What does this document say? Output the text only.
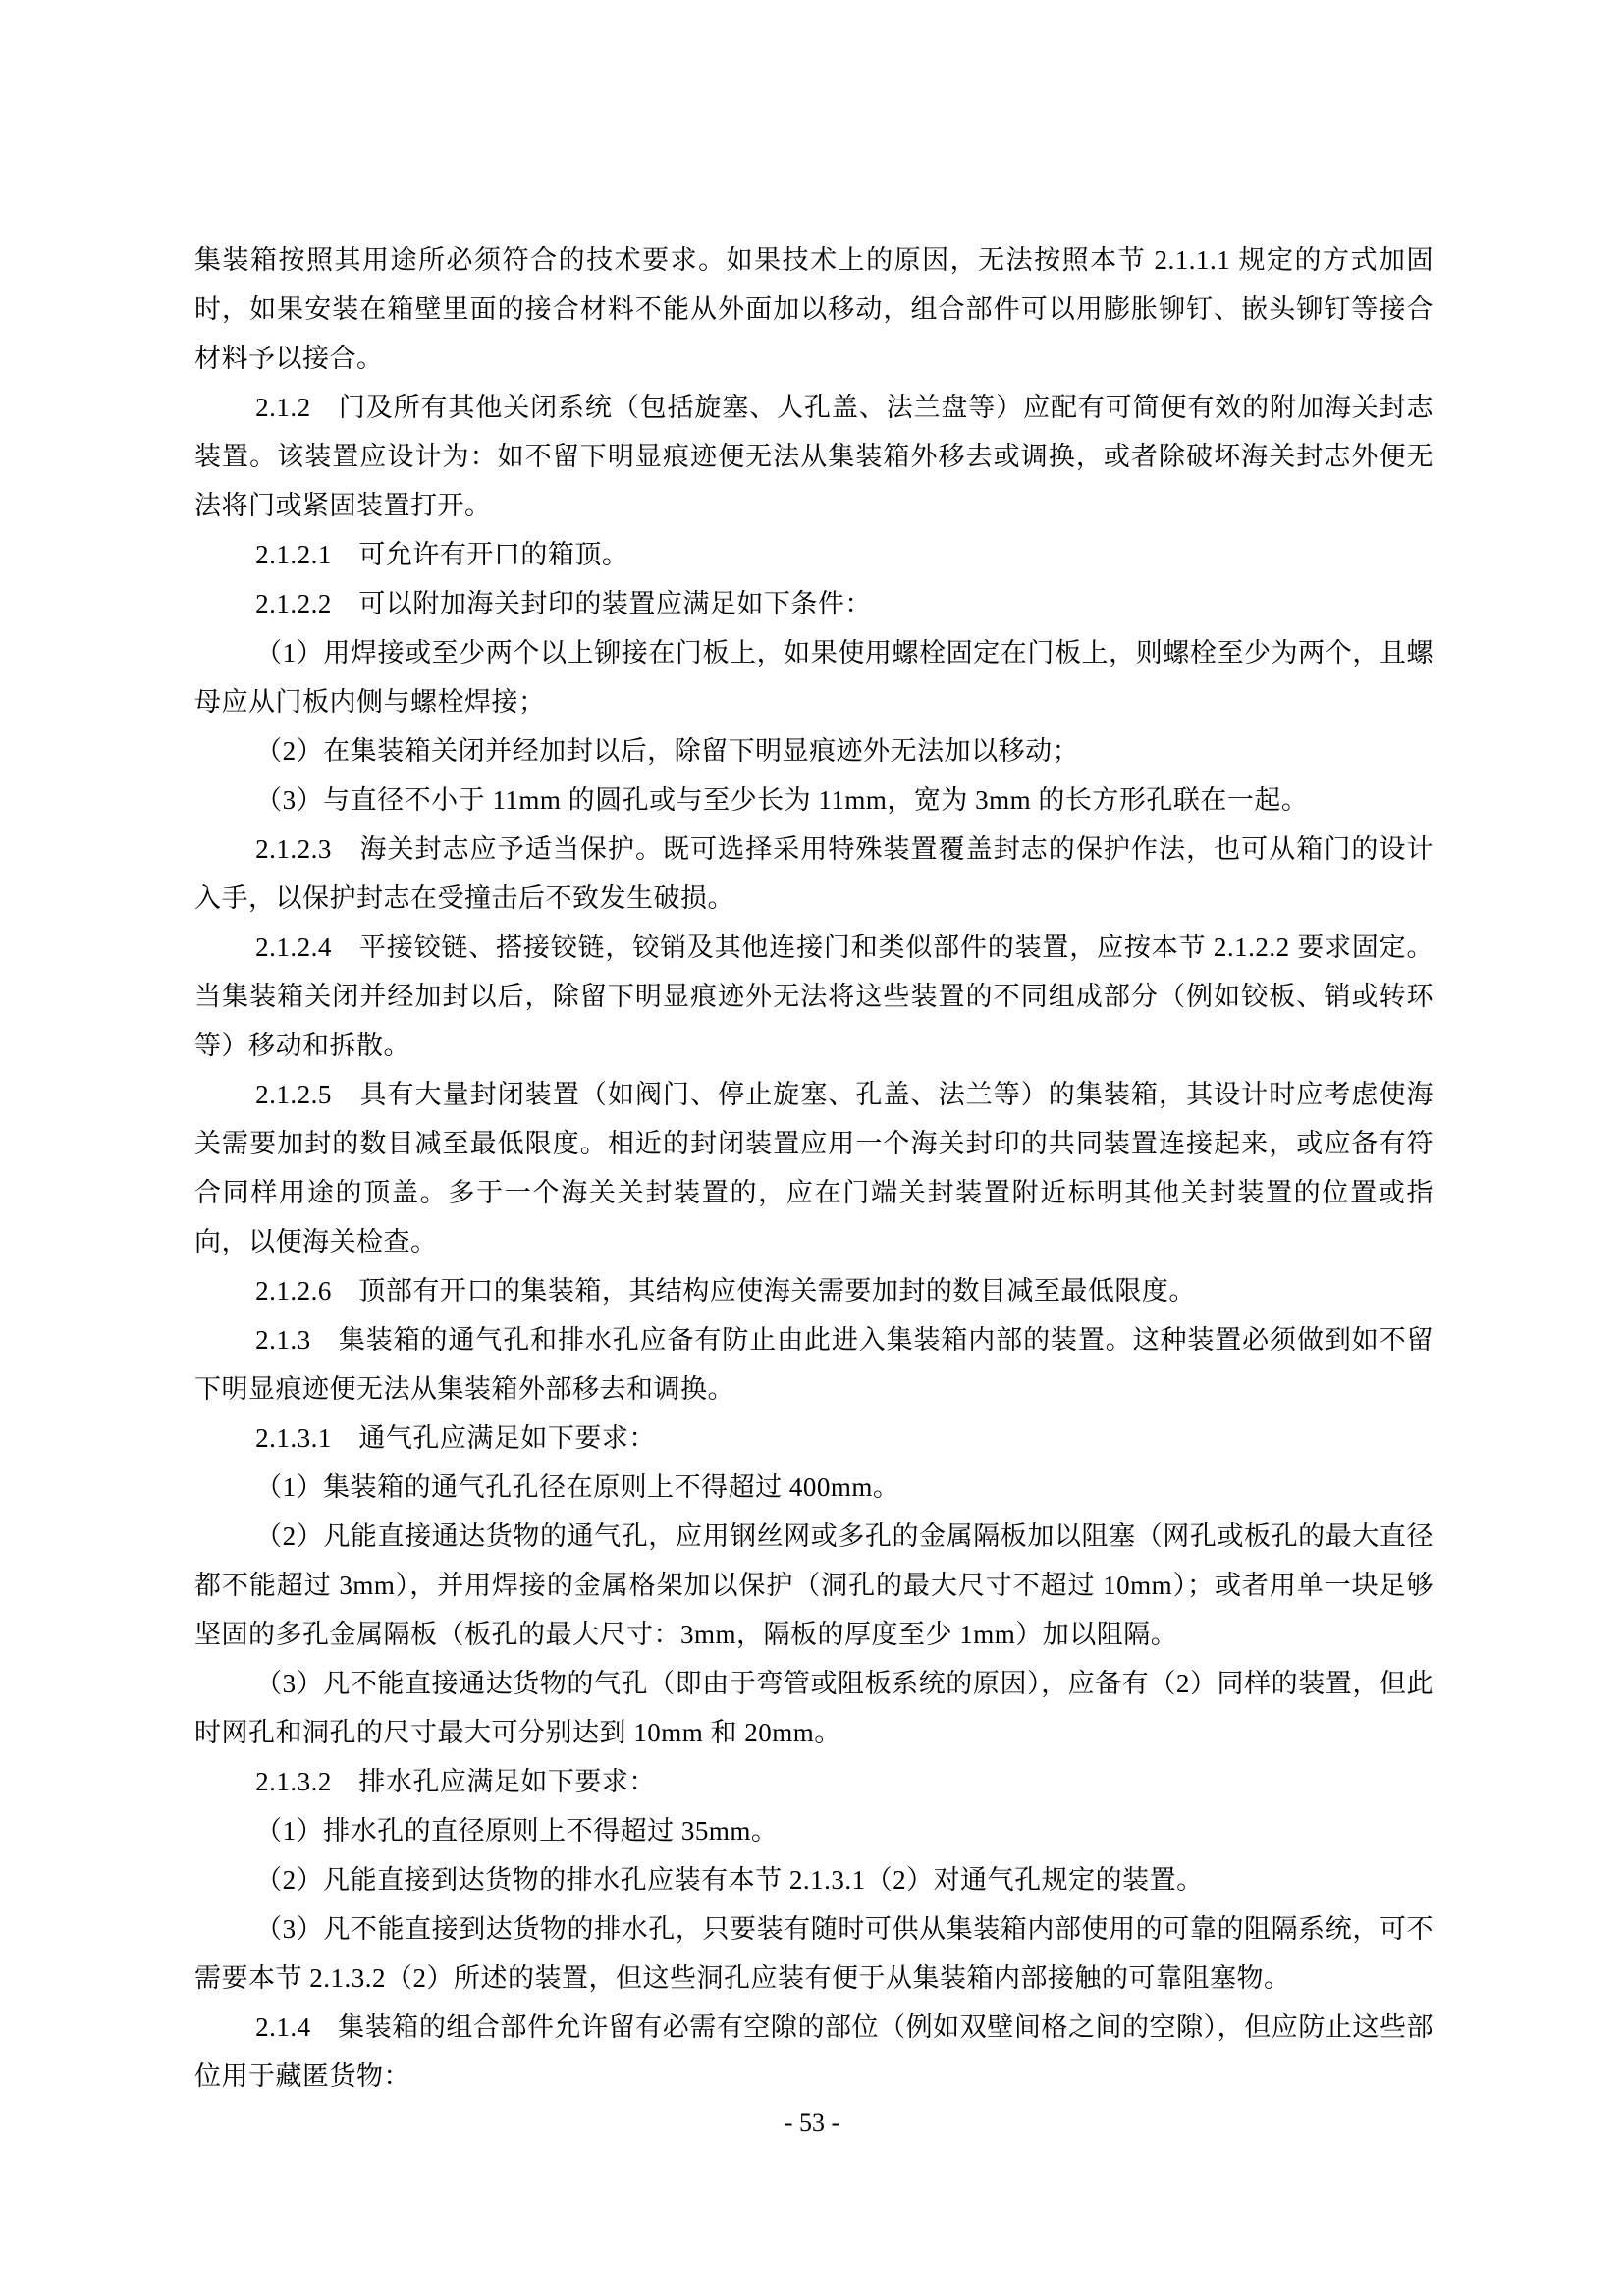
集装箱按照其用途所必须符合的技术要求。如果技术上的原因，无法按照本节 2.1.1.1 规定的方式加固时，如果安装在箱壁里面的接合材料不能从外面加以移动，组合部件可以用膨胀铆钉、嵌头铆钉等接合材料予以接合。

2.1.2　门及所有其他关闭系统（包括旋塞、人孔盖、法兰盘等）应配有可简便有效的附加海关封志装置。该装置应设计为：如不留下明显痕迹便无法从集装箱外移去或调换，或者除破坏海关封志外便无法将门或紧固装置打开。

2.1.2.1　可允许有开口的箱顶。

2.1.2.2　可以附加海关封印的装置应满足如下条件：

（1）用焊接或至少两个以上铆接在门板上，如果使用螺栓固定在门板上，则螺栓至少为两个，且螺母应从门板内侧与螺栓焊接；

（2）在集装箱关闭并经加封以后，除留下明显痕迹外无法加以移动；

（3）与直径不小于 11mm 的圆孔或与至少长为 11mm，宽为 3mm 的长方形孔联在一起。

2.1.2.3　海关封志应予适当保护。既可选择采用特殊装置覆盖封志的保护作法，也可从箱门的设计入手，以保护封志在受撞击后不致发生破损。

2.1.2.4　平接铰链、搭接铰链，铰销及其他连接门和类似部件的装置，应按本节 2.1.2.2 要求固定。当集装箱关闭并经加封以后，除留下明显痕迹外无法将这些装置的不同组成部分（例如铰板、销或转环等）移动和拆散。

2.1.2.5　具有大量封闭装置（如阀门、停止旋塞、孔盖、法兰等）的集装箱，其设计时应考虑使海关需要加封的数目减至最低限度。相近的封闭装置应用一个海关封印的共同装置连接起来，或应备有符合同样用途的顶盖。多于一个海关关封装置的，应在门端关封装置附近标明其他关封装置的位置或指向，以便海关检查。

2.1.2.6　顶部有开口的集装箱，其结构应使海关需要加封的数目减至最低限度。

2.1.3　集装箱的通气孔和排水孔应备有防止由此进入集装箱内部的装置。这种装置必须做到如不留下明显痕迹便无法从集装箱外部移去和调换。

2.1.3.1　通气孔应满足如下要求：

（1）集装箱的通气孔孔径在原则上不得超过 400mm。

（2）凡能直接通达货物的通气孔，应用钢丝网或多孔的金属隔板加以阻塞（网孔或板孔的最大直径都不能超过 3mm），并用焊接的金属格架加以保护（洞孔的最大尺寸不超过 10mm）；或者用单一块足够坚固的多孔金属隔板（板孔的最大尺寸：3mm，隔板的厚度至少 1mm）加以阻隔。

（3）凡不能直接通达货物的气孔（即由于弯管或阻板系统的原因），应备有（2）同样的装置，但此时网孔和洞孔的尺寸最大可分别达到 10mm 和 20mm。

2.1.3.2　排水孔应满足如下要求：

（1）排水孔的直径原则上不得超过 35mm。

（2）凡能直接到达货物的排水孔应装有本节 2.1.3.1（2）对通气孔规定的装置。

（3）凡不能直接到达货物的排水孔，只要装有随时可供从集装箱内部使用的可靠的阻隔系统，可不需要本节 2.1.3.2（2）所述的装置，但这些洞孔应装有便于从集装箱内部接触的可靠阻塞物。

2.1.4　集装箱的组合部件允许留有必需有空隙的部位（例如双壁间格之间的空隙），但应防止这些部位用于藏匿货物：

- 53 -
